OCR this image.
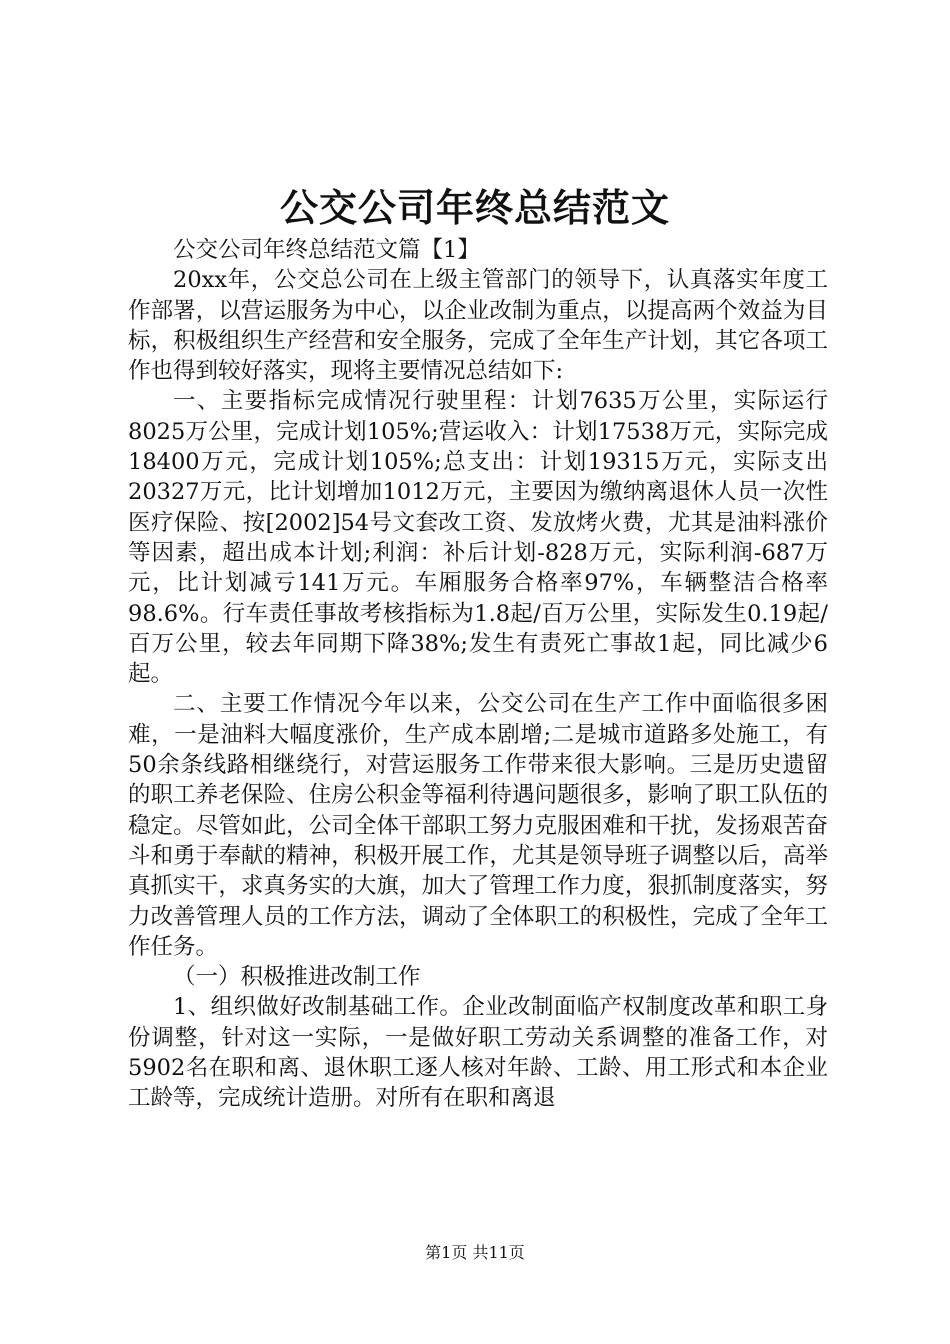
公交公司年终总结范文

公交公司年终总结范文篇【1】

20xx年，公交总公司在上级主管部门的领导下，认真落实年度工作部署，以营运服务为中心，以企业改制为重点，以提高两个效益为目标，积极组织生产经营和安全服务，完成了全年生产计划，其它各项工作也得到较好落实，现将主要情况总结如下:

一、主要指标完成情况行驶里程：计划7635万公里，实际运行8025万公里，完成计划105%;营运收入：计划17538万元，实际完成18400万元，完成计划105%;总支出：计划19315万元，实际支出20327万元，比计划增加1012万元，主要因为缴纳离退休人员一次性医疗保险、按[2002]54号文套改工资、发放烤火费，尤其是油料涨价等因素，超出成本计划;利润：补后计划-828万元，实际利润-687万元，比计划减亏141万元。车厢服务合格率97%，车辆整洁合格率98.6%。行车责任事故考核指标为1.8起/百万公里，实际发生0.19起/百万公里，较去年同期下降38%;发生有责死亡事故1起，同比减少6起。

二、主要工作情况今年以来，公交公司在生产工作中面临很多困难，一是油料大幅度涨价，生产成本剧增;二是城市道路多处施工，有50余条线路相继绕行，对营运服务工作带来很大影响。三是历史遗留的职工养老保险、住房公积金等福利待遇问题很多，影响了职工队伍的稳定。尽管如此，公司全体干部职工努力克服困难和干扰，发扬艰苦奋斗和勇于奉献的精神，积极开展工作，尤其是领导班子调整以后，高举真抓实干，求真务实的大旗，加大了管理工作力度，狠抓制度落实，努力改善管理人员的工作方法，调动了全体职工的积极性，完成了全年工作任务。

（一）积极推进改制工作

1、组织做好改制基础工作。企业改制面临产权制度改革和职工身份调整，针对这一实际，一是做好职工劳动关系调整的准备工作，对5902名在职和离、退休职工逐人核对年龄、工龄、用工形式和本企业工龄等，完成统计造册。对所有在职和离退

第1页 共11页
